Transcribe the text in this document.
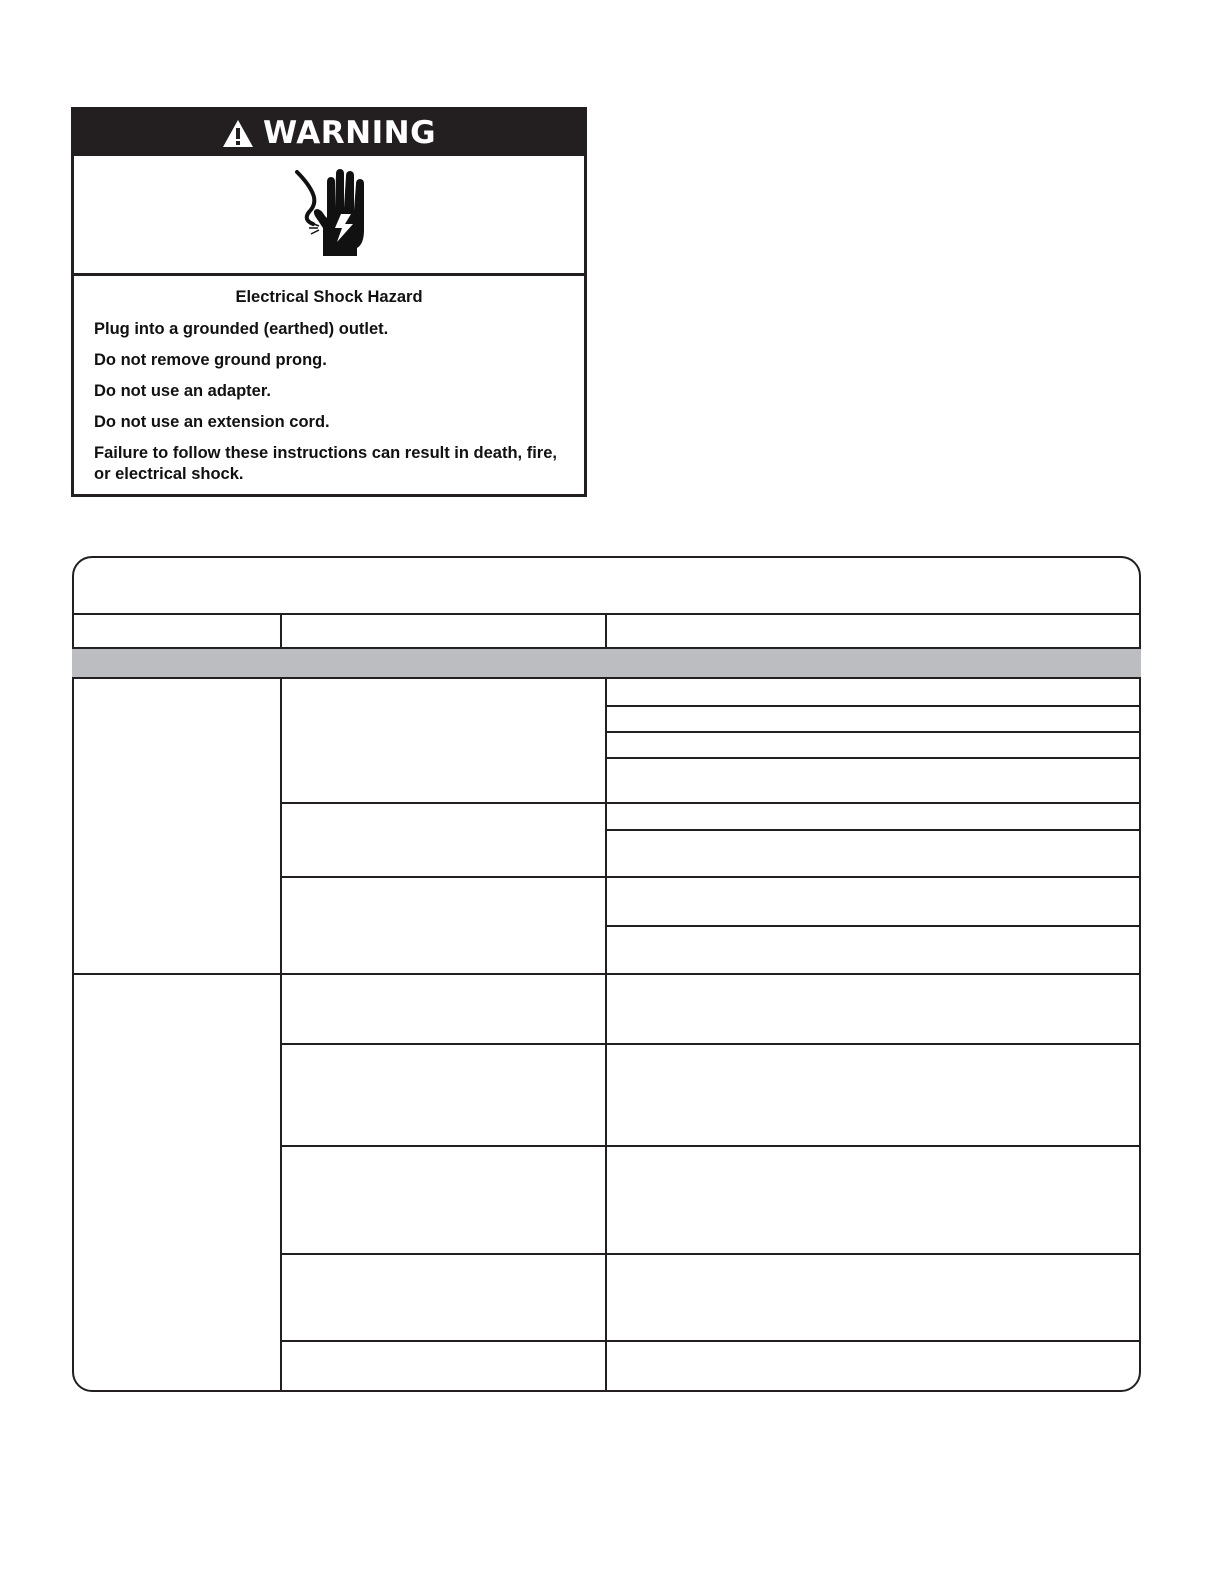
WARNING
Electrical Shock Hazard
Plug into a grounded (earthed) outlet.
Do not remove ground prong.
Do not use an adapter.
Do not use an extension cord.
Failure to follow these instructions can result in death, fire, or electrical shock.
